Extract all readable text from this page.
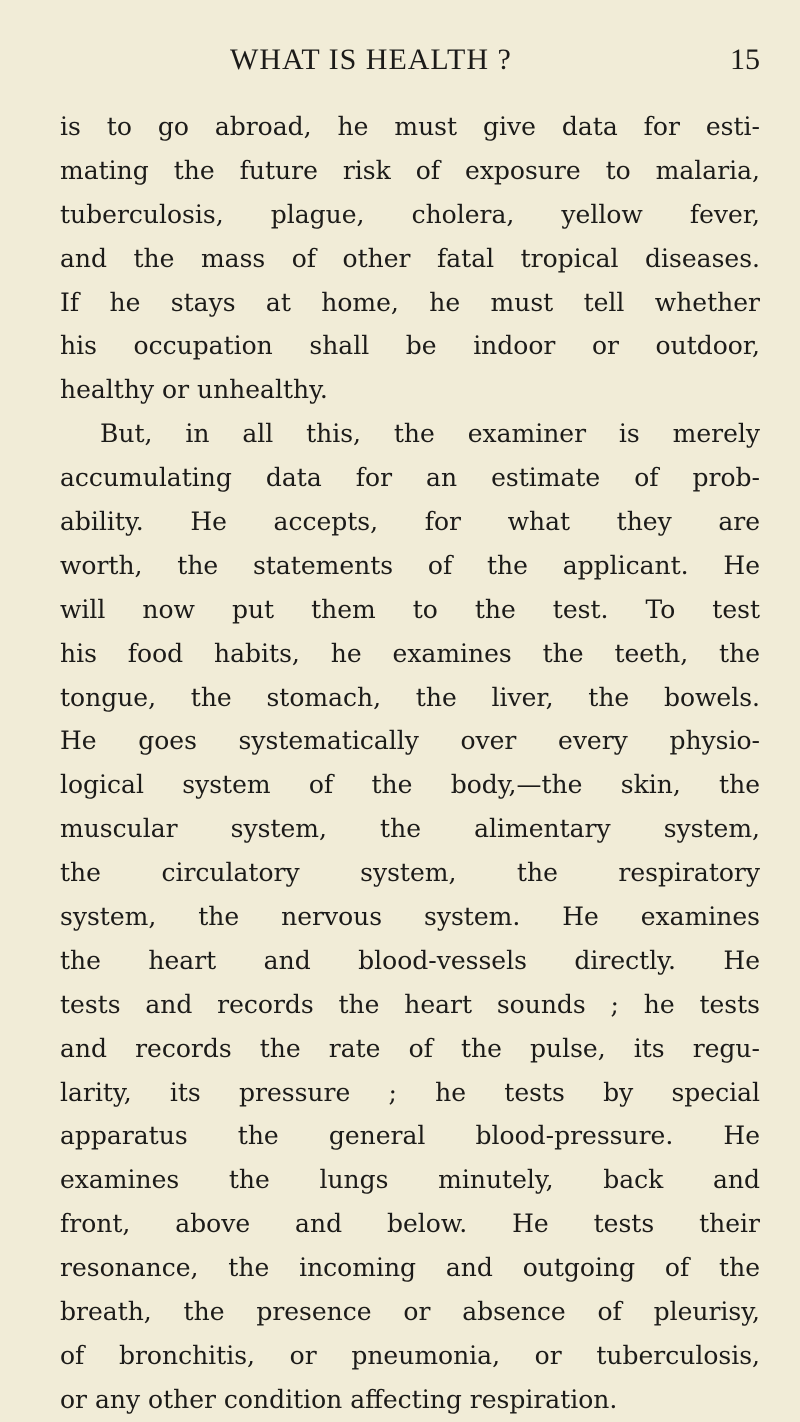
WHAT IS HEALTH ?	15
is to go abroad, he must give data for esti-
mating the future risk of exposure to malaria,
tuberculosis, plague, cholera, yellow fever,
and the mass of other fatal tropical diseases.
If he stays at home, he must tell whether
his occupation shall be indoor or outdoor,
healthy or unhealthy.
But, in all this, the examiner is merely
accumulating data for an estimate of prob-
ability. He accepts, for what they are
worth, the statements of the applicant. He
will now put them to the test. To test
his food habits, he examines the teeth, the
tongue, the stomach, the liver, the bowels.
He goes systematically over every physio-
logical system of the body,—the skin, the
muscular system, the alimentary system,
the circulatory system, the respiratory
system, the nervous system. He examines
the heart and blood-vessels directly. He
tests and records the heart sounds ; he tests
and records the rate of the pulse, its regu-
larity, its pressure ; he tests by special
apparatus the general blood-pressure. He
examines the lungs minutely, back and
front, above and below. He tests their
resonance, the incoming and outgoing of the
breath, the presence or absence of pleurisy,
of bronchitis, or pneumonia, or tuberculosis,
or any other condition affecting respiration.
